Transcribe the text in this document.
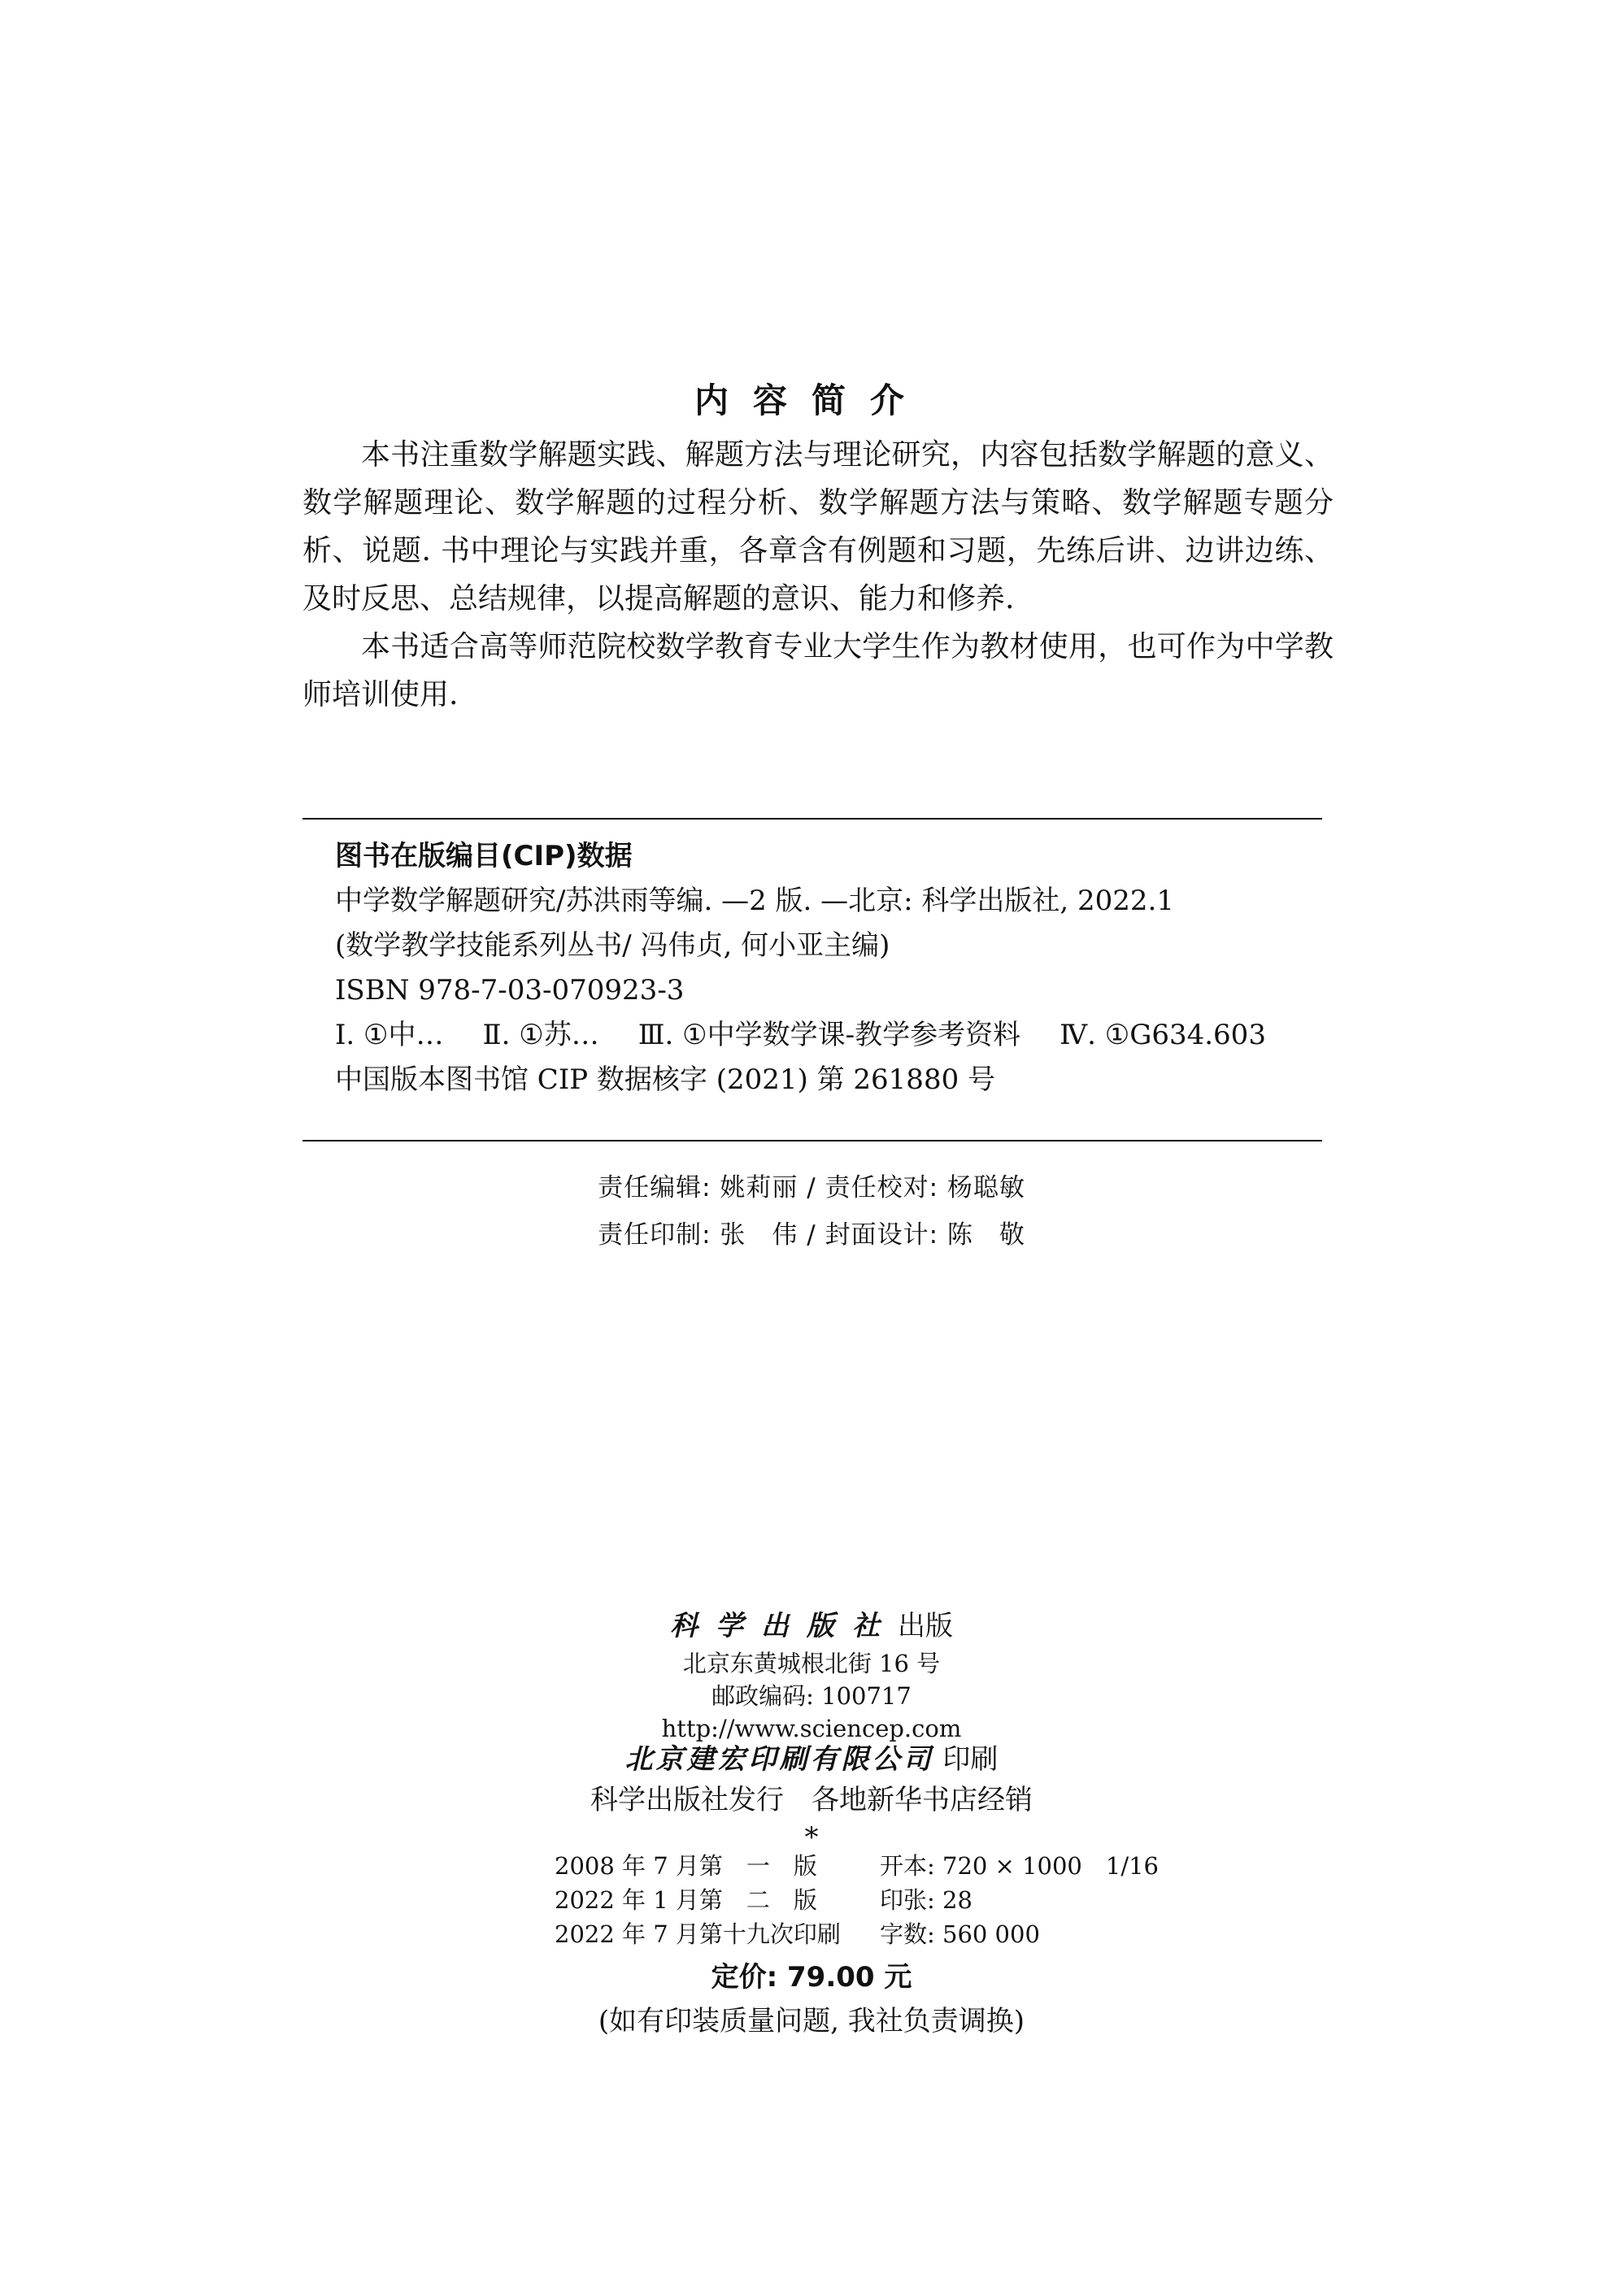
内容简介

本书注重数学解题实践、解题方法与理论研究，内容包括数学解题的意义、数学解题理论、数学解题的过程分析、数学解题方法与策略、数学解题专题分析、说题. 书中理论与实践并重，各章含有例题和习题，先练后讲、边讲边练、及时反思、总结规律，以提高解题的意识、能力和修养.

本书适合高等师范院校数学教育专业大学生作为教材使用，也可作为中学教师培训使用.

图书在版编目(CIP)数据
中学数学解题研究/苏洪雨等编. —2 版. —北京: 科学出版社, 2022.1
(数学教学技能系列丛书/ 冯伟贞, 何小亚主编)
ISBN 978-7-03-070923-3
Ⅰ. ①中… Ⅱ. ①苏… Ⅲ. ①中学数学课-教学参考资料 Ⅳ. ①G634.603
中国版本图书馆 CIP 数据核字 (2021) 第 261880 号
责任编辑: 姚莉丽 / 责任校对: 杨聪敏
责任印制: 张　伟 / 封面设计: 陈　敬
科学出版社出版
北京东黄城根北街 16 号
邮政编码: 100717
http://www.sciencep.com
北京建宏印刷有限公司 印刷
科学出版社发行　各地新华书店经销
*
2008 年 7 月第　一　版	开本: 720 × 1000　1/16
2022 年 1 月第　二　版	印张: 28
2022 年 7 月第十九次印刷	字数: 560 000
定价: 79.00 元
(如有印装质量问题, 我社负责调换)
